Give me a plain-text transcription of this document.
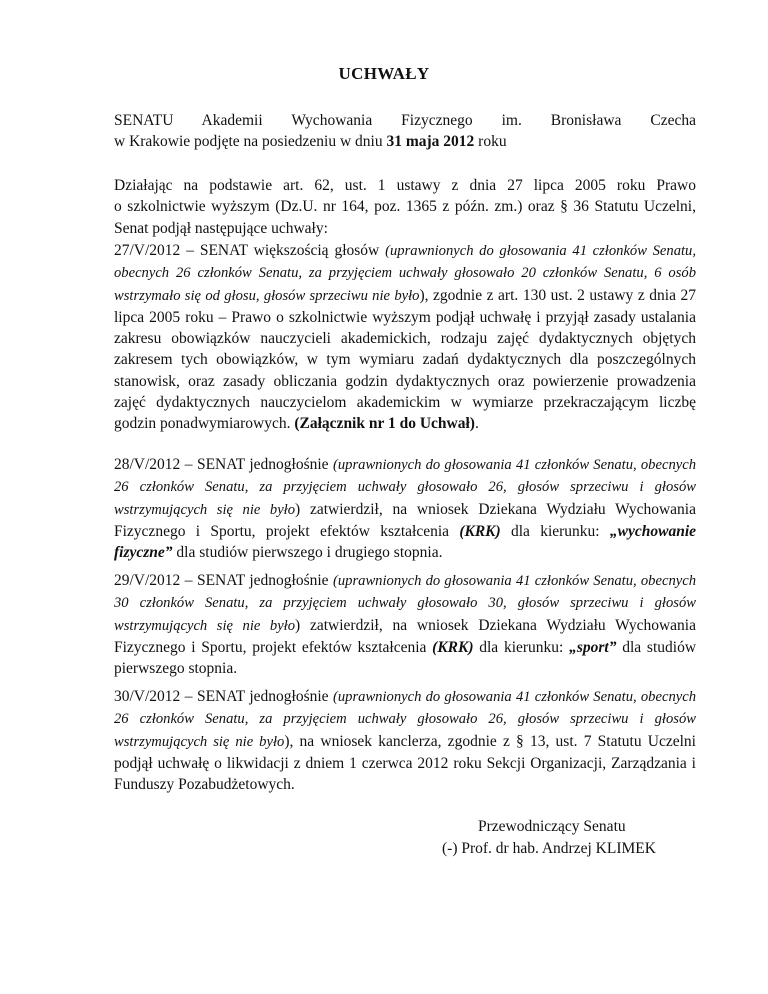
UCHWAŁY
SENATU Akademii Wychowania Fizycznego im. Bronisława Czecha
w Krakowie podjęte na posiedzeniu w dniu 31 maja 2012 roku
Działając na podstawie art. 62, ust. 1 ustawy z dnia 27 lipca 2005 roku Prawo
o szkolnictwie wyższym (Dz.U. nr 164, poz. 1365 z późn. zm.) oraz § 36 Statutu Uczelni,
Senat podjął następujące uchwały:
27/V/2012 – SENAT większością głosów (uprawnionych do głosowania 41 członków Senatu, obecnych 26 członków Senatu, za przyjęciem uchwały głosowało 20 członków Senatu, 6 osób wstrzymało się od głosu, głosów sprzeciwu nie było), zgodnie z art. 130 ust. 2 ustawy z dnia 27 lipca 2005 roku – Prawo o szkolnictwie wyższym podjął uchwałę i przyjął zasady ustalania zakresu obowiązków nauczycieli akademickich, rodzaju zajęć dydaktycznych objętych zakresem tych obowiązków, w tym wymiaru zadań dydaktycznych dla poszczególnych stanowisk, oraz zasady obliczania godzin dydaktycznych oraz powierzenie prowadzenia zajęć dydaktycznych nauczycielom akademickim w wymiarze przekraczającym liczbę godzin ponadwymiarowych. (Załącznik nr 1 do Uchwał).
28/V/2012 – SENAT jednogłośnie (uprawnionych do głosowania 41 członków Senatu, obecnych 26 członków Senatu, za przyjęciem uchwały głosowało 26, głosów sprzeciwu i głosów wstrzymujących się nie było) zatwierdził, na wniosek Dziekana Wydziału Wychowania Fizycznego i Sportu, projekt efektów kształcenia (KRK) dla kierunku: „wychowanie fizyczne” dla studiów pierwszego i drugiego stopnia.
29/V/2012 – SENAT jednogłośnie (uprawnionych do głosowania 41 członków Senatu, obecnych 30 członków Senatu, za przyjęciem uchwały głosowało 30, głosów sprzeciwu i głosów wstrzymujących się nie było) zatwierdził, na wniosek Dziekana Wydziału Wychowania Fizycznego i Sportu, projekt efektów kształcenia (KRK) dla kierunku: „sport” dla studiów pierwszego stopnia.
30/V/2012 – SENAT jednogłośnie (uprawnionych do głosowania 41 członków Senatu, obecnych 26 członków Senatu, za przyjęciem uchwały głosowało 26, głosów sprzeciwu i głosów wstrzymujących się nie było), na wniosek kanclerza, zgodnie z § 13, ust. 7 Statutu Uczelni podjął uchwałę o likwidacji z dniem 1 czerwca 2012 roku Sekcji Organizacji, Zarządzania i Funduszy Pozabudżetowych.
Przewodniczący Senatu
(-) Prof. dr hab. Andrzej KLIMEK
